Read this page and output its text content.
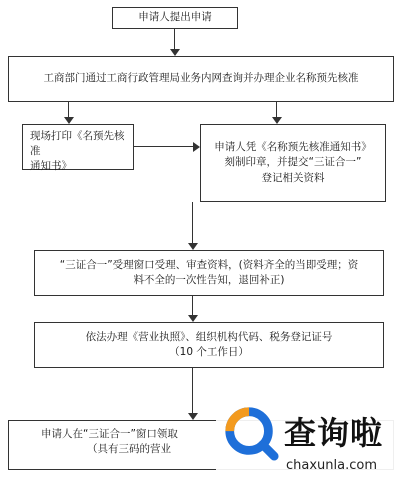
申请人提出申请
工商部门通过工商行政管理局业务内网查询并办理企业名称预先核准
现场打印《名预先核准
通知书》
申请人凭《名称预先核准通知书》
刻制印章，并提交“三证合一”
登记相关资料
“三证合一”受理窗口受理、审查资料，(资料齐全的当即受理；资
料不全的一次性告知，退回补正)
依法办理《营业执照》、组织机构代码、税务登记证号
（10 个工作日）
申请人在“三证合一”窗口领取
（具有三码的营业	查询啦
chaxunla.com
